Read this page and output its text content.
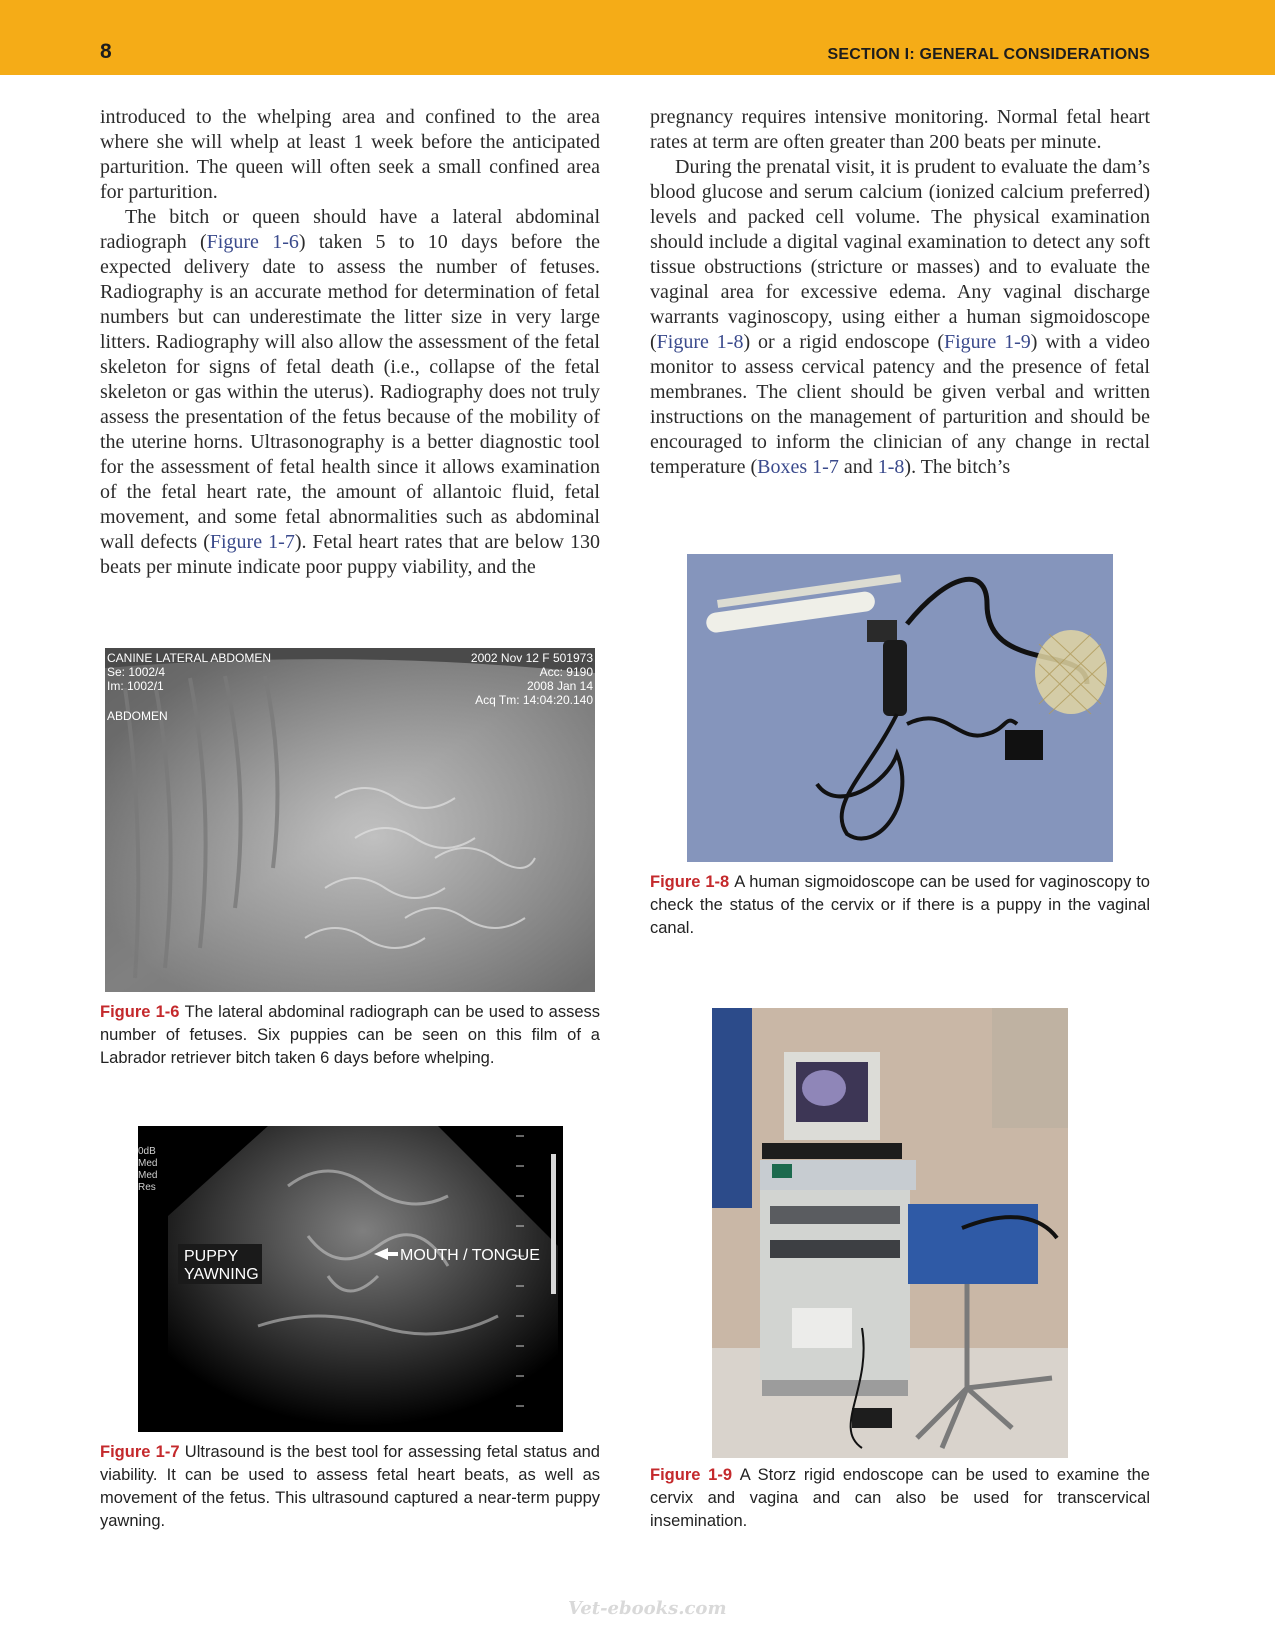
8	SECTION I: GENERAL CONSIDERATIONS

introduced to the whelping area and confined to the area where she will whelp at least 1 week before the anticipated parturition. The queen will often seek a small confined area for parturition.

The bitch or queen should have a lateral abdominal radiograph (Figure 1-6) taken 5 to 10 days before the expected delivery date to assess the number of fetuses. Radiography is an accurate method for determination of fetal numbers but can underestimate the litter size in very large litters. Radiography will also allow the assessment of the fetal skeleton for signs of fetal death (i.e., collapse of the fetal skeleton or gas within the uterus). Radiography does not truly assess the presentation of the fetus because of the mobility of the uterine horns. Ultrasonography is a better diagnostic tool for the assessment of fetal health since it allows examination of the fetal heart rate, the amount of allantoic fluid, fetal movement, and some fetal abnormalities such as abdominal wall defects (Figure 1-7). Fetal heart rates that are below 130 beats per minute indicate poor puppy viability, and the

pregnancy requires intensive monitoring. Normal fetal heart rates at term are often greater than 200 beats per minute.

During the prenatal visit, it is prudent to evaluate the dam’s blood glucose and serum calcium (ionized calcium preferred) levels and packed cell volume. The physical examination should include a digital vaginal examination to detect any soft tissue obstructions (stricture or masses) and to evaluate the vaginal area for excessive edema. Any vaginal discharge warrants vaginoscopy, using either a human sigmoidoscope (Figure 1-8) or a rigid endoscope (Figure 1-9) with a video monitor to assess cervical patency and the presence of fetal membranes. The client should be given verbal and written instructions on the management of parturition and should be encouraged to inform the clinician of any change in rectal temperature (Boxes 1-7 and 1-8). The bitch’s

CANINE LATERAL ABDOMEN
Se: 1002/4
Im: 1002/1
ABDOMEN
2002 Nov 12 F 501973
Acc: 9190
2008 Jan 14
Acq Tm: 14:04:20.140
Figure 1-6 The lateral abdominal radiograph can be used to assess number of fetuses. Six puppies can be seen on this film of a Labrador retriever bitch taken 6 days before whelping.
0dB
Med
Med
Res
PUPPY
YAWNING
MOUTH / TONGUE
Figure 1-7 Ultrasound is the best tool for assessing fetal status and viability. It can be used to assess fetal heart beats, as well as movement of the fetus. This ultrasound captured a near-term puppy yawning.
Figure 1-8 A human sigmoidoscope can be used for vaginoscopy to check the status of the cervix or if there is a puppy in the vaginal canal.
Figure 1-9 A Storz rigid endoscope can be used to examine the cervix and vagina and can also be used for transcervical insemination.
Vet-ebooks.com
